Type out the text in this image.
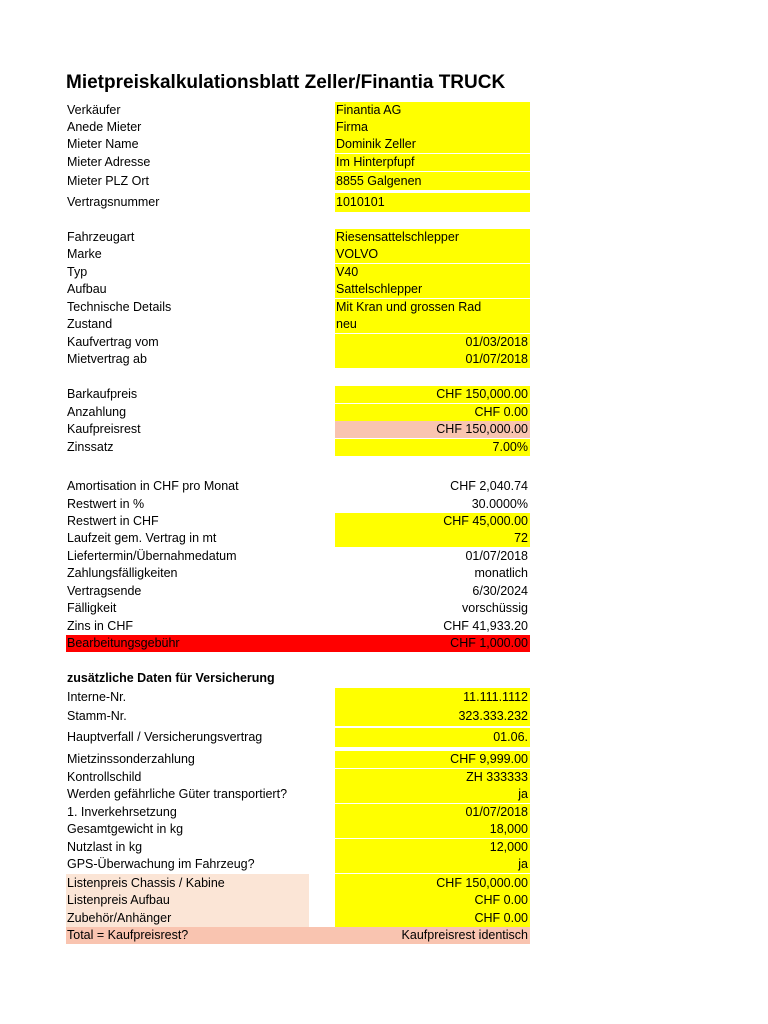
Mietpreiskalkulationsblatt Zeller/Finantia TRUCK
Verkäufer	Finantia AG
Anede Mieter	Firma
Mieter Name	Dominik Zeller
Mieter Adresse	Im Hinterpfupf
Mieter PLZ Ort	8855 Galgenen
Vertragsnummer	1010101
Fahrzeugart	Riesensattelschlepper
Marke	VOLVO
Typ	V40
Aufbau	Sattelschlepper
Technische Details	Mit Kran und grossen Rad
Zustand	neu
Kaufvertrag vom	01/03/2018
Mietvertrag ab	01/07/2018
Barkaufpreis	CHF 150,000.00
Anzahlung	CHF 0.00
Kaufpreisrest	CHF 150,000.00
Zinssatz	7.00%
Amortisation in CHF pro Monat	CHF 2,040.74
Restwert in %	30.0000%
Restwert in CHF	CHF 45,000.00
Laufzeit gem. Vertrag in mt	72
Liefertermin/Übernahmedatum	01/07/2018
Zahlungsfälligkeiten	monatlich
Vertragsende	6/30/2024
Fälligkeit	vorschüssig
Zins in CHF	CHF 41,933.20
Bearbeitungsgebühr	CHF 1,000.00
zusätzliche Daten für Versicherung
Interne-Nr.	11.111.1112
Stamm-Nr.	323.333.232
Hauptverfall / Versicherungsvertrag	01.06.
Mietzinssonderzahlung	CHF 9,999.00
Kontrollschild	ZH 333333
Werden gefährliche Güter transportiert?	ja
1. Inverkehrsetzung	01/07/2018
Gesamtgewicht in kg	18,000
Nutzlast in kg	12,000
GPS-Überwachung im Fahrzeug?	ja
Listenpreis Chassis / Kabine	CHF 150,000.00
Listenpreis Aufbau	CHF 0.00
Zubehör/Anhänger	CHF 0.00
Total = Kaufpreisrest?	Kaufpreisrest identisch
